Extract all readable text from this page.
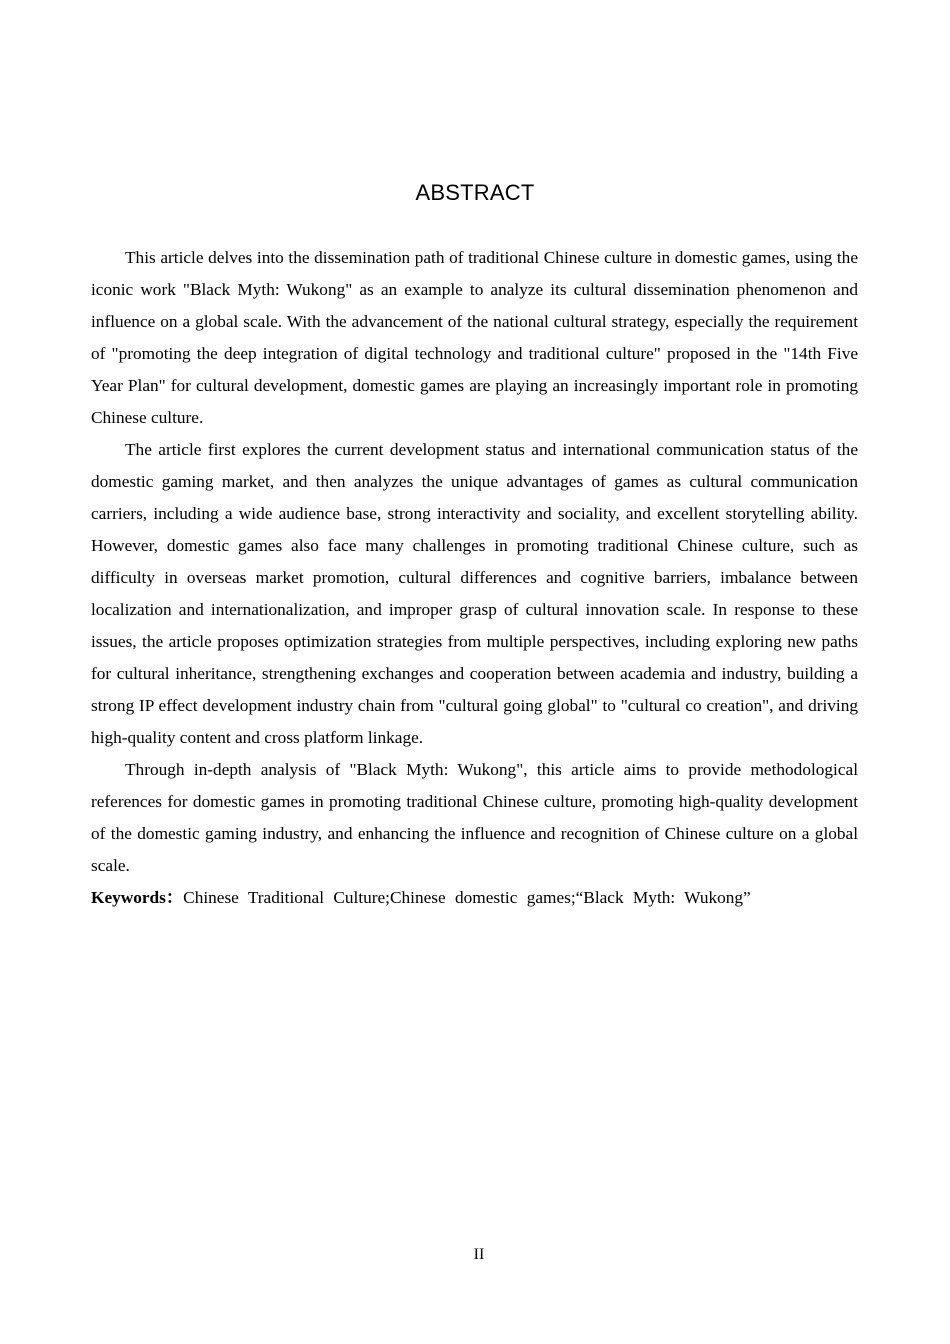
ABSTRACT

This article delves into the dissemination path of traditional Chinese culture in domestic games, using the iconic work "Black Myth: Wukong" as an example to analyze its cultural dissemination phenomenon and influence on a global scale. With the advancement of the national cultural strategy, especially the requirement of "promoting the deep integration of digital technology and traditional culture" proposed in the "14th Five Year Plan" for cultural development, domestic games are playing an increasingly important role in promoting Chinese culture.

The article first explores the current development status and international communication status of the domestic gaming market, and then analyzes the unique advantages of games as cultural communication carriers, including a wide audience base, strong interactivity and sociality, and excellent storytelling ability. However, domestic games also face many challenges in promoting traditional Chinese culture, such as difficulty in overseas market promotion, cultural differences and cognitive barriers, imbalance between localization and internationalization, and improper grasp of cultural innovation scale. In response to these issues, the article proposes optimization strategies from multiple perspectives, including exploring new paths for cultural inheritance, strengthening exchanges and cooperation between academia and industry, building a strong IP effect development industry chain from "cultural going global" to "cultural co creation", and driving high-quality content and cross platform linkage.

Through in-depth analysis of "Black Myth: Wukong", this article aims to provide methodological references for domestic games in promoting traditional Chinese culture, promoting high-quality development of the domestic gaming industry, and enhancing the influence and recognition of Chinese culture on a global scale.

Keywords：Chinese Traditional Culture;Chinese domestic games;“Black Myth: Wukong”
II
